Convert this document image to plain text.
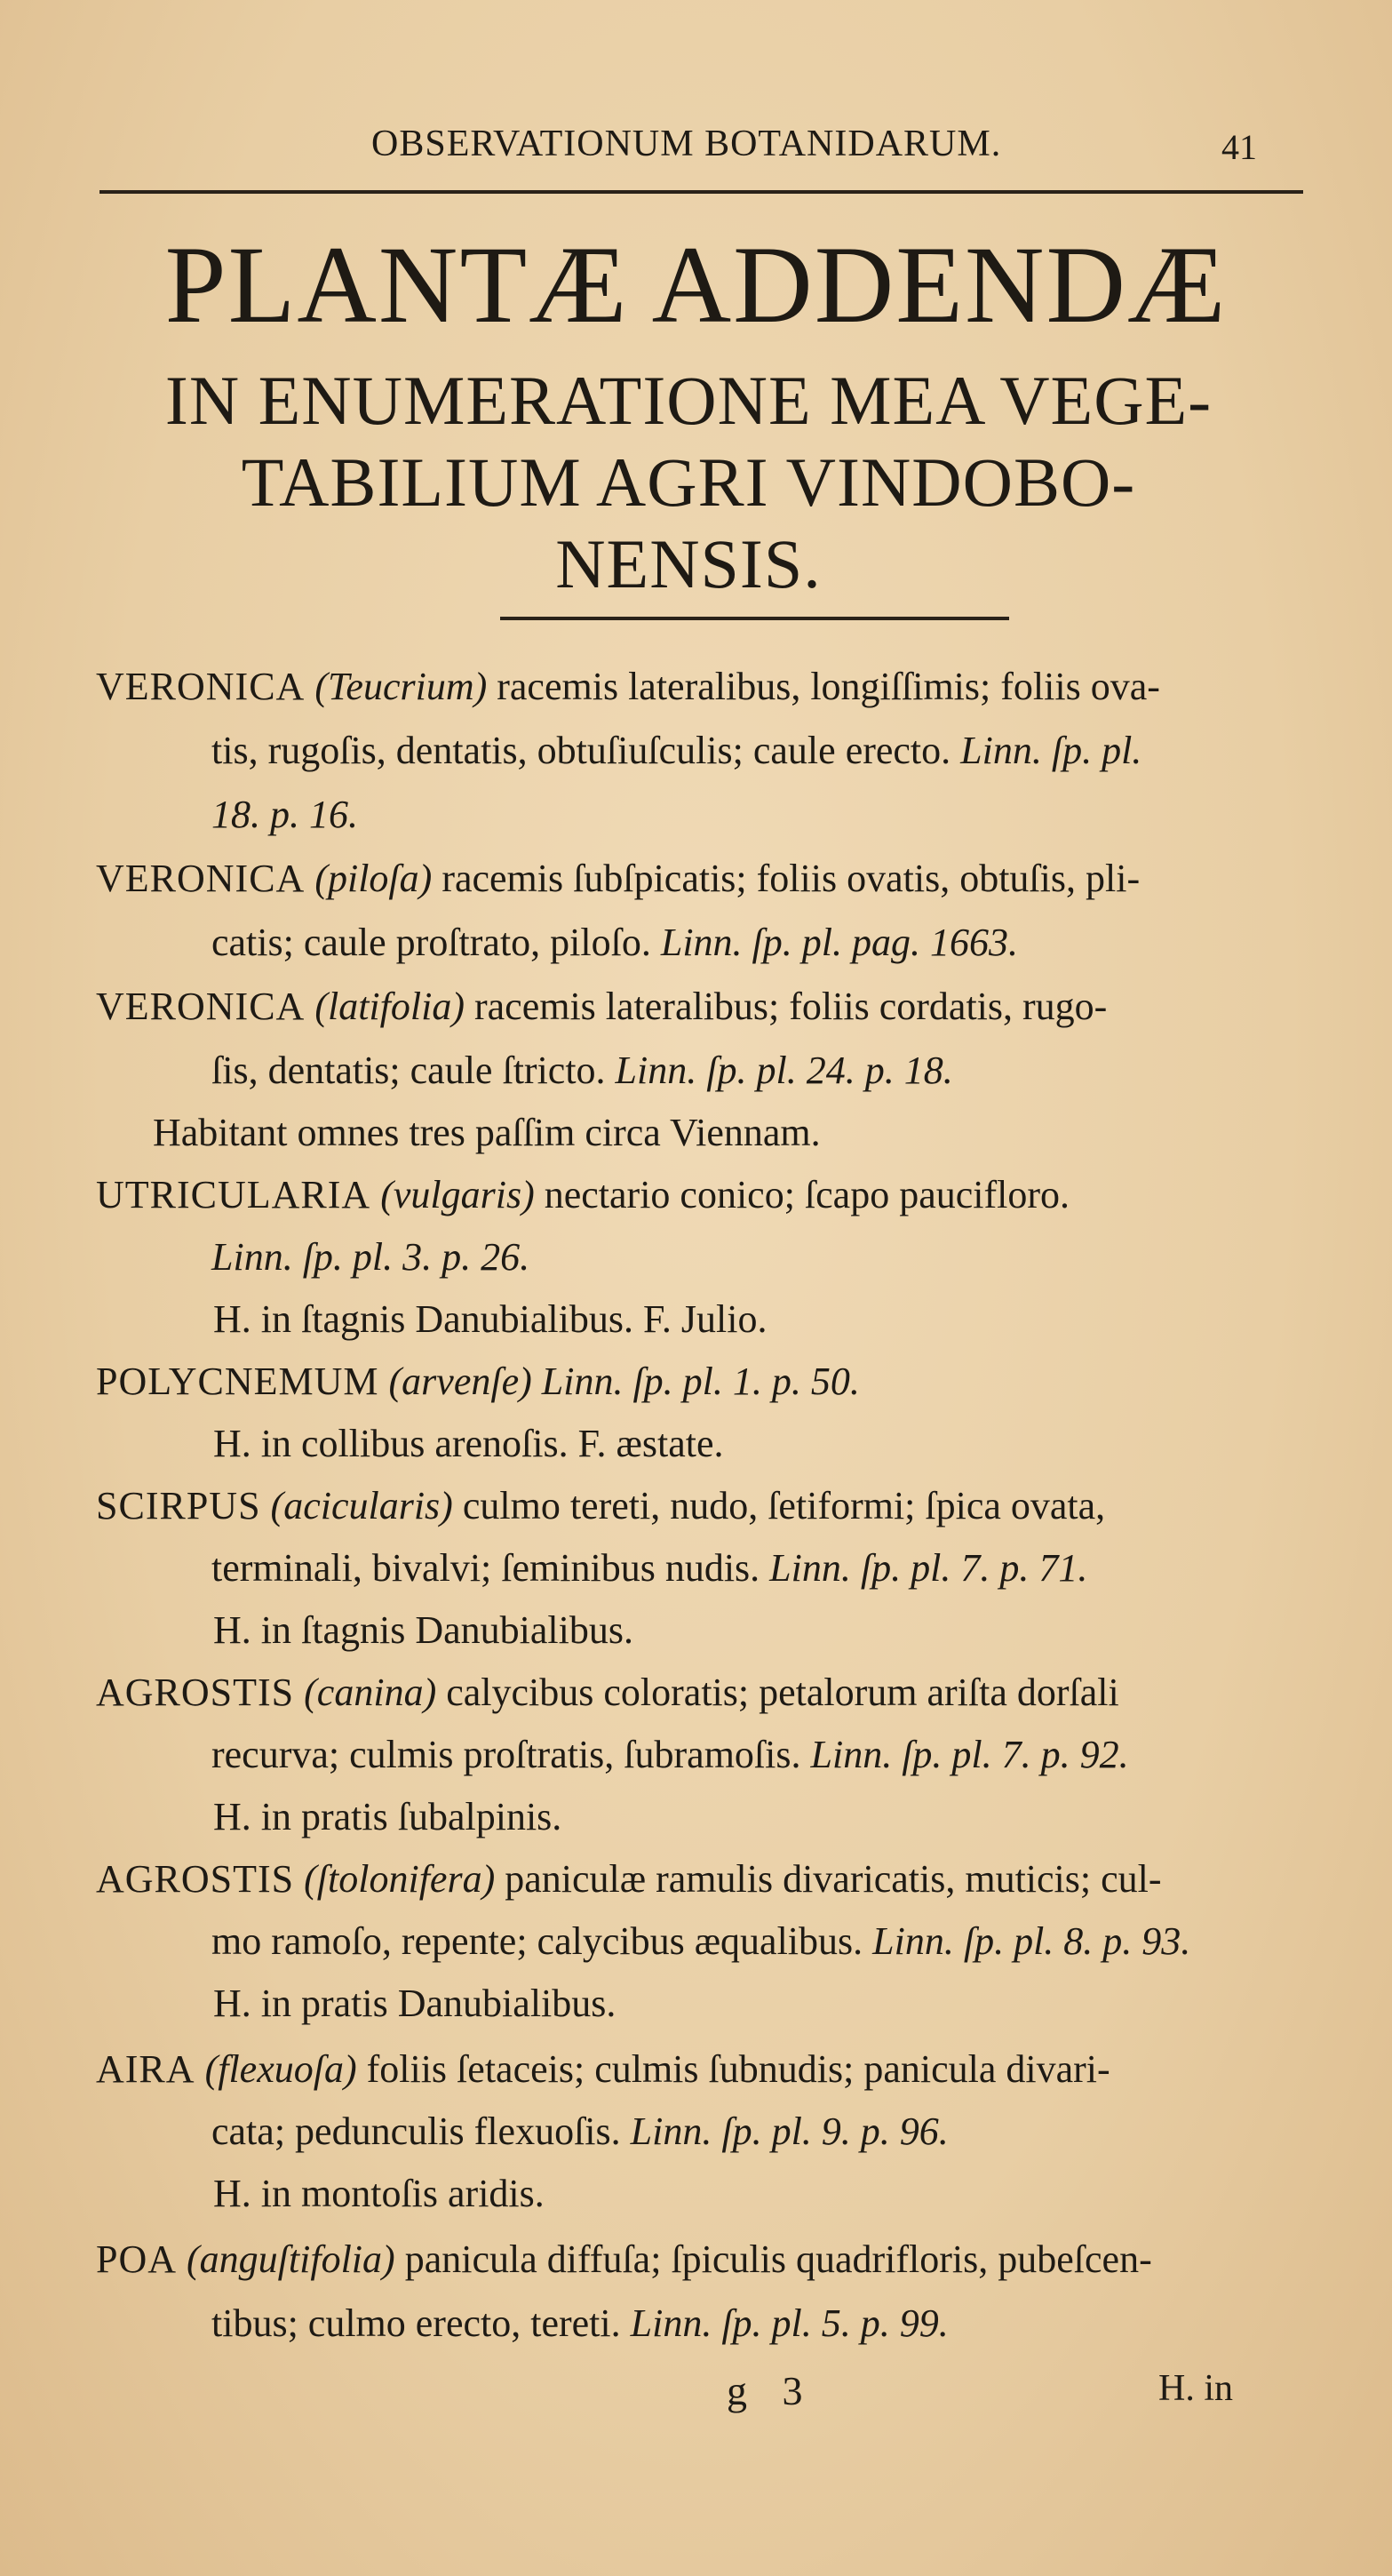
OBSERVATIONUM BOTANIDARUM.	41
PLANTÆ ADDENDÆ
IN ENUMERATIONE MEA VEGE-
TABILIUM AGRI VINDOBO-
NENSIS.
VERONICA (Teucrium) racemis lateralibus, longiſſimis; foliis ova-
tis, rugoſis, dentatis, obtuſiuſculis; caule erecto. Linn. ſp. pl.
18. p. 16.
VERONICA (piloſa) racemis ſubſpicatis; foliis ovatis, obtuſis, pli-
catis; caule proſtrato, piloſo. Linn. ſp. pl. pag. 1663.
VERONICA (latifolia) racemis lateralibus; foliis cordatis, rugo-
ſis, dentatis; caule ſtricto. Linn. ſp. pl. 24. p. 18.
Habitant omnes tres paſſim circa Viennam.
UTRICULARIA (vulgaris) nectario conico; ſcapo paucifloro.
Linn. ſp. pl. 3. p. 26.
H. in ſtagnis Danubialibus. F. Julio.
POLYCNEMUM (arvenſe) Linn. ſp. pl. 1. p. 50.
H. in collibus arenoſis. F. æstate.
SCIRPUS (acicularis) culmo tereti, nudo, ſetiformi; ſpica ovata,
terminali, bivalvi; ſeminibus nudis. Linn. ſp. pl. 7. p. 71.
H. in ſtagnis Danubialibus.
AGROSTIS (canina) calycibus coloratis; petalorum ariſta dorſali
recurva; culmis proſtratis, ſubramoſis. Linn. ſp. pl. 7. p. 92.
H. in pratis ſubalpinis.
AGROSTIS (ſtolonifera) paniculæ ramulis divaricatis, muticis; cul-
mo ramoſo, repente; calycibus æqualibus. Linn. ſp. pl. 8. p. 93.
H. in pratis Danubialibus.
AIRA (flexuoſa) foliis ſetaceis; culmis ſubnudis; panicula divari-
cata; pedunculis flexuoſis. Linn. ſp. pl. 9. p. 96.
H. in montoſis aridis.
POA (anguſtifolia) panicula diffuſa; ſpiculis quadrifloris, pubeſcen-
tibus; culmo erecto, tereti. Linn. ſp. pl. 5. p. 99.
g 3	H. in
